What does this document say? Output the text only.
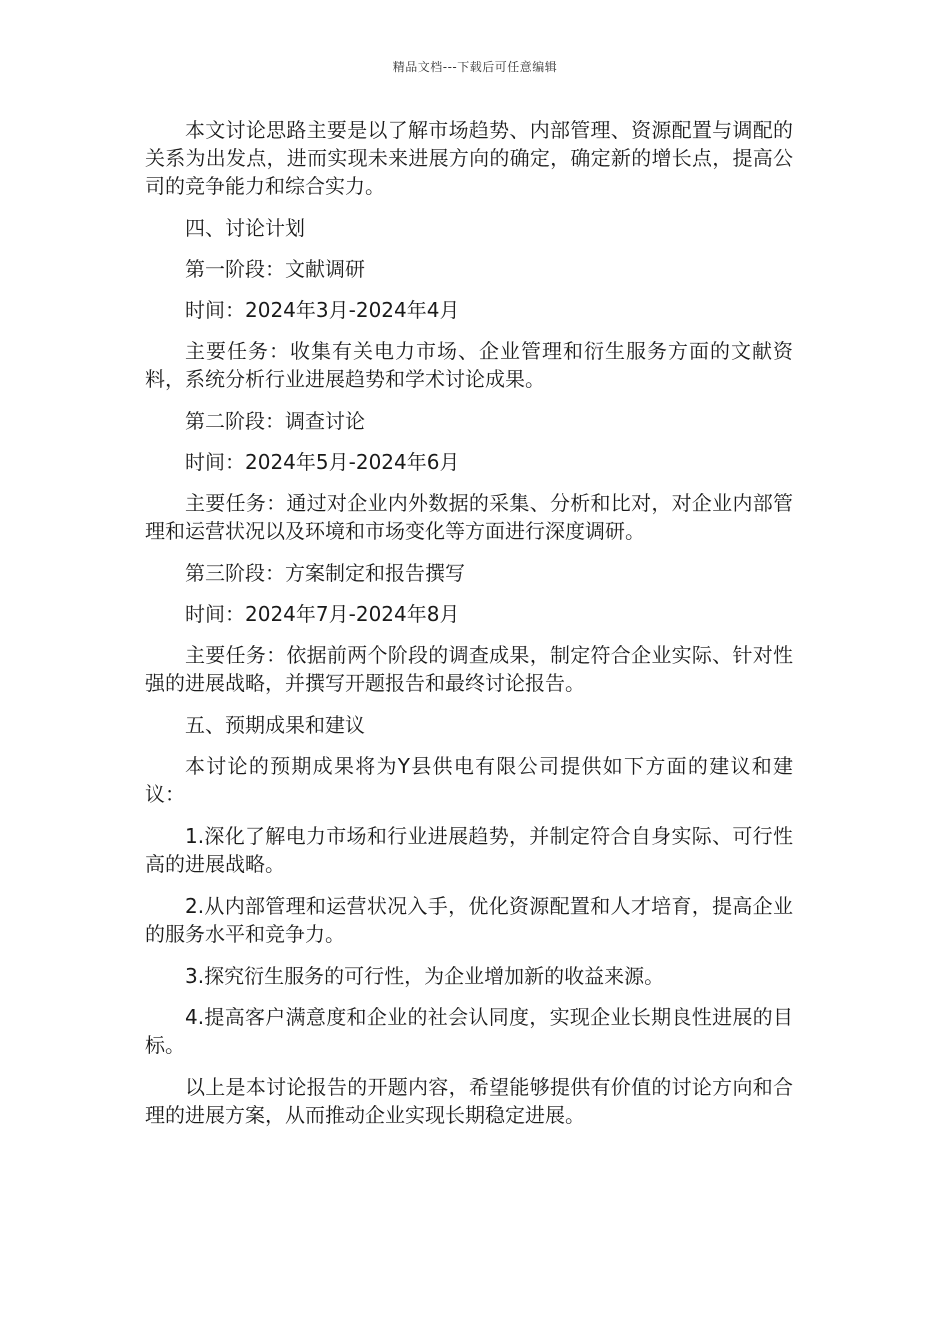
精品文档---下载后可任意编辑

本文讨论思路主要是以了解市场趋势、内部管理、资源配置与调配的关系为出发点，进而实现未来进展方向的确定，确定新的增长点，提高公司的竞争能力和综合实力。

四、讨论计划

第一阶段：文献调研

时间：2024年3月-2024年4月

主要任务：收集有关电力市场、企业管理和衍生服务方面的文献资料，系统分析行业进展趋势和学术讨论成果。

第二阶段：调查讨论

时间：2024年5月-2024年6月

主要任务：通过对企业内外数据的采集、分析和比对，对企业内部管理和运营状况以及环境和市场变化等方面进行深度调研。

第三阶段：方案制定和报告撰写

时间：2024年7月-2024年8月

主要任务：依据前两个阶段的调查成果，制定符合企业实际、针对性强的进展战略，并撰写开题报告和最终讨论报告。

五、预期成果和建议

本讨论的预期成果将为Y县供电有限公司提供如下方面的建议和建议：

1.深化了解电力市场和行业进展趋势，并制定符合自身实际、可行性高的进展战略。

2.从内部管理和运营状况入手，优化资源配置和人才培育，提高企业的服务水平和竞争力。

3.探究衍生服务的可行性，为企业增加新的收益来源。

4.提高客户满意度和企业的社会认同度，实现企业长期良性进展的目标。

以上是本讨论报告的开题内容，希望能够提供有价值的讨论方向和合理的进展方案，从而推动企业实现长期稳定进展。
